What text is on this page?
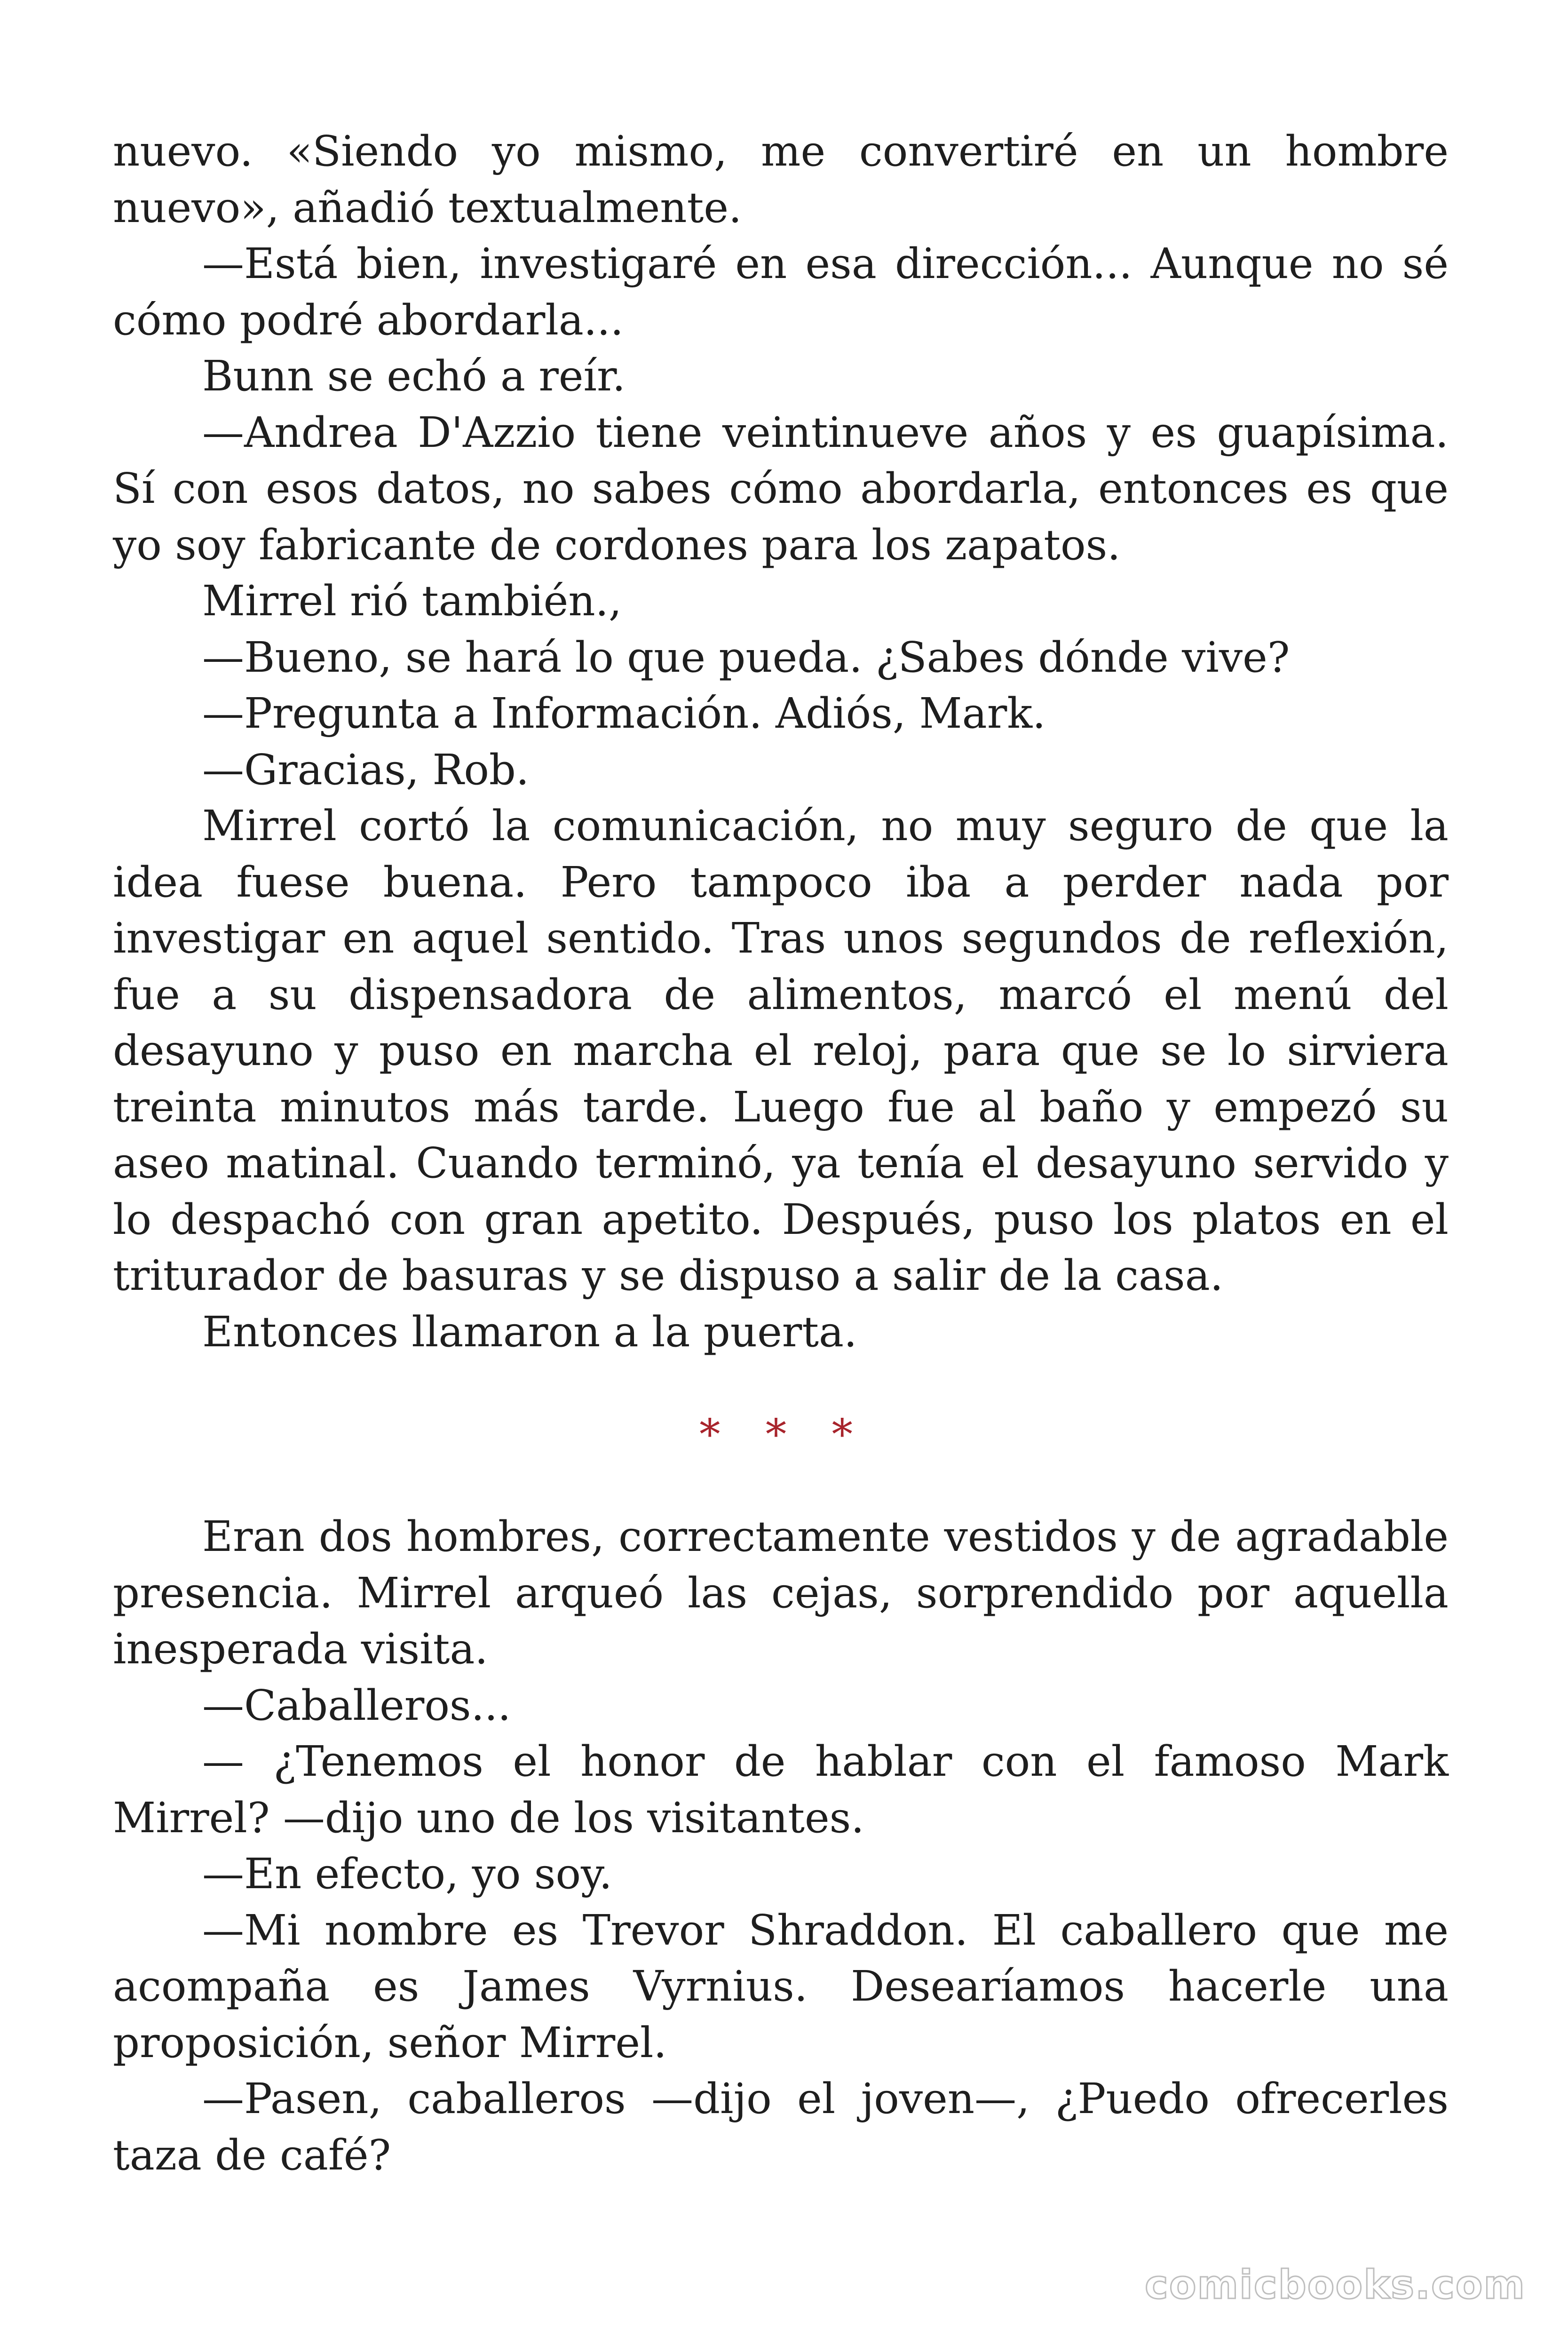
nuevo. «Siendo yo mismo, me convertiré en un hombre nuevo», añadió textualmente.

—Está bien, investigaré en esa dirección... Aunque no sé cómo podré abordarla...

Bunn se echó a reír.

—Andrea D'Azzio tiene veintinueve años y es guapísima. Sí con esos datos, no sabes cómo abordarla, entonces es que yo soy fabricante de cordones para los zapatos.

Mirrel rió también.,

—Bueno, se hará lo que pueda. ¿Sabes dónde vive?

—Pregunta a Información. Adiós, Mark.

—Gracias, Rob.

Mirrel cortó la comunicación, no muy seguro de que la idea fuese buena. Pero tampoco iba a perder nada por investigar en aquel sentido. Tras unos segundos de reflexión, fue a su dispensadora de alimentos, marcó el menú del desayuno y puso en marcha el reloj, para que se lo sirviera treinta minutos más tarde. Luego fue al baño y empezó su aseo matinal. Cuando terminó, ya tenía el desayuno servido y lo despachó con gran apetito. Después, puso los platos en el triturador de basuras y se dispuso a salir de la casa.

Entonces llamaron a la puerta.

* * *

Eran dos hombres, correctamente vestidos y de agradable presencia. Mirrel arqueó las cejas, sorprendido por aquella inesperada visita.

—Caballeros...

— ¿Tenemos el honor de hablar con el famoso Mark Mirrel? —dijo uno de los visitantes.

—En efecto, yo soy.

—Mi nombre es Trevor Shraddon. El caballero que me acompaña es James Vyrnius. Desearíamos hacerle una proposición, señor Mirrel.

—Pasen, caballeros —dijo el joven—, ¿Puedo ofrecerles taza de café?

comicbooks.com
